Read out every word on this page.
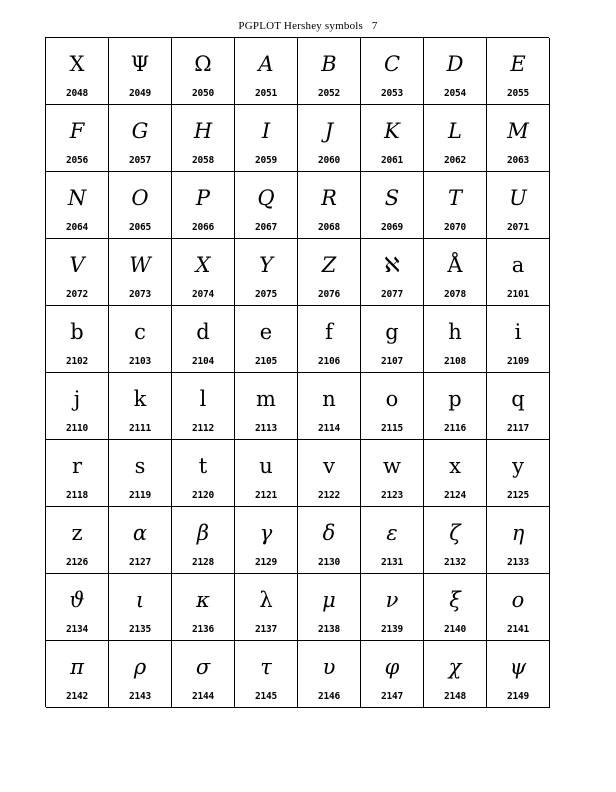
PGPLOT Hershey symbols   7
X
2048
Ψ
2049
Ω
2050
A
2051
B
2052
C
2053
D
2054
E
2055
F
2056
G
2057
H
2058
I
2059
J
2060
K
2061
L
2062
M
2063
N
2064
O
2065
P
2066
Q
2067
R
2068
S
2069
T
2070
U
2071
V
2072
W
2073
X
2074
Y
2075
Z
2076
ℵ
2077
Å
2078
a
2101
b
2102
c
2103
d
2104
e
2105
f
2106
g
2107
h
2108
i
2109
j
2110
k
2111
l
2112
m
2113
n
2114
o
2115
p
2116
q
2117
r
2118
s
2119
t
2120
u
2121
v
2122
w
2123
x
2124
y
2125
z
2126
α
2127
β
2128
γ
2129
δ
2130
ε
2131
ζ
2132
η
2133
ϑ
2134
ι
2135
κ
2136
λ
2137
μ
2138
ν
2139
ξ
2140
ο
2141
π
2142
ρ
2143
σ
2144
τ
2145
υ
2146
φ
2147
χ
2148
ψ
2149
